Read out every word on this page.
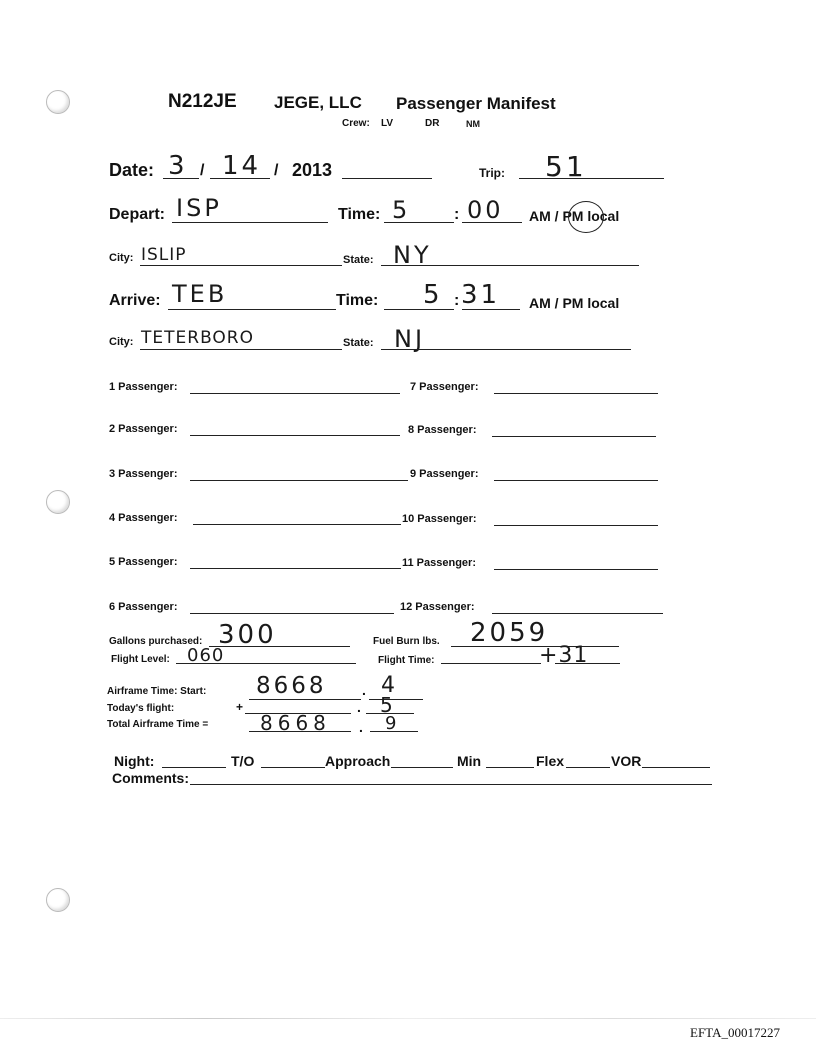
N212JE JEGE, LLC Passenger Manifest
Crew: LV	DR	NM
Date: 3 / 14 / 2013	Trip: 51
Depart: ISP	Time: 5	: 00 AM / PM local
City: ISLIP	State: NY
Arrive: TEB	Time: 5 : 31 AM / PM local
City: TETERBORO	State: NJ
1 Passenger:	7 Passenger:
2 Passenger:	8 Passenger:
3 Passenger:	9 Passenger:
4 Passenger:	10 Passenger:
5 Passenger:	11 Passenger:
6 Passenger:	12 Passenger:
Gallons purchased: 300	Fuel Burn lbs. 2059
Flight Level: 060	Flight Time:	+31
Airframe Time: Start: 8668	. 4
Today's flight:	+	. 5
Total Airframe Time =	8668 . 9
Night:	T/O	Approach	Min	Flex	VOR
Comments:
EFTA_00017227
